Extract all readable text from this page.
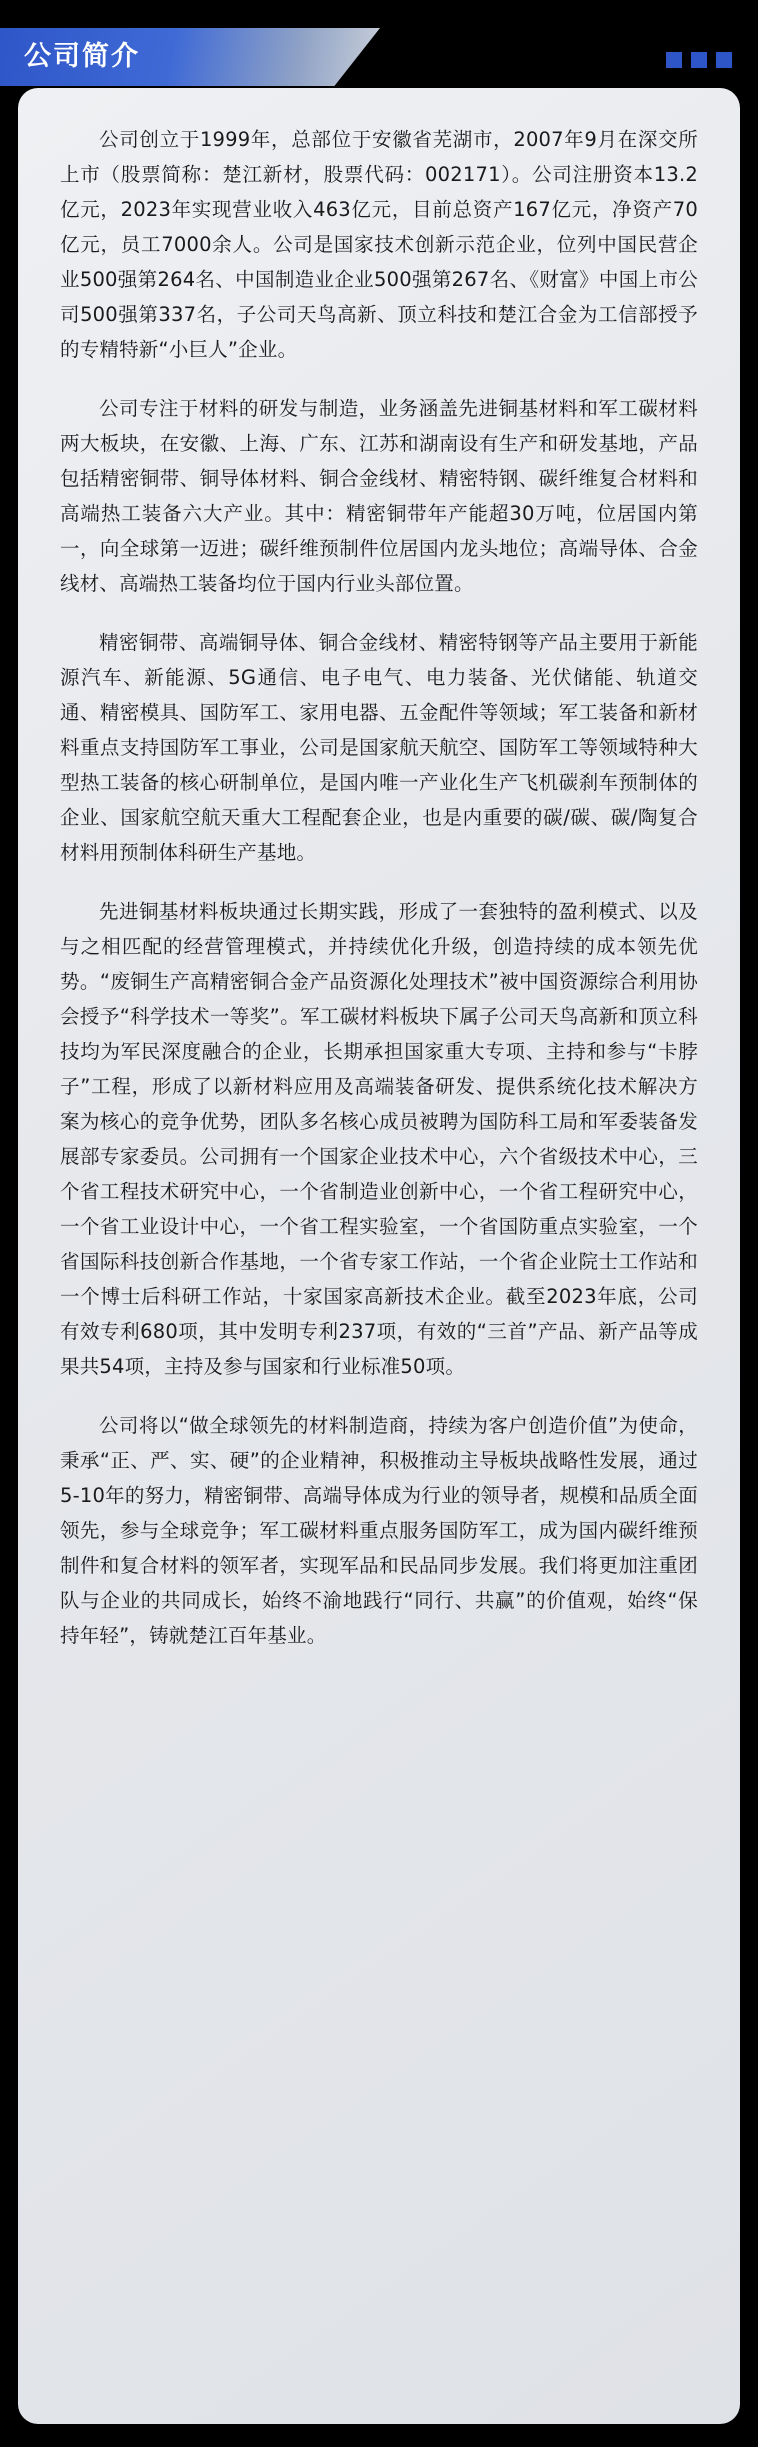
公司简介

公司创立于1999年，总部位于安徽省芜湖市，2007年9月在深交所上市（股票简称：楚江新材，股票代码：002171）。公司注册资本13.2亿元，2023年实现营业收入463亿元，目前总资产167亿元，净资产70亿元，员工7000余人。公司是国家技术创新示范企业，位列中国民营企业500强第264名、中国制造业企业500强第267名、《财富》中国上市公司500强第337名，子公司天鸟高新、顶立科技和楚江合金为工信部授予的专精特新“小巨人”企业。

公司专注于材料的研发与制造，业务涵盖先进铜基材料和军工碳材料两大板块，在安徽、上海、广东、江苏和湖南设有生产和研发基地，产品包括精密铜带、铜导体材料、铜合金线材、精密特钢、碳纤维复合材料和高端热工装备六大产业。其中：精密铜带年产能超30万吨，位居国内第一，向全球第一迈进；碳纤维预制件位居国内龙头地位；高端导体、合金线材、高端热工装备均位于国内行业头部位置。

精密铜带、高端铜导体、铜合金线材、精密特钢等产品主要用于新能源汽车、新能源、5G通信、电子电气、电力装备、光伏储能、轨道交通、精密模具、国防军工、家用电器、五金配件等领域；军工装备和新材料重点支持国防军工事业，公司是国家航天航空、国防军工等领域特种大型热工装备的核心研制单位，是国内唯一产业化生产飞机碳刹车预制体的企业、国家航空航天重大工程配套企业，也是内重要的碳/碳、碳/陶复合材料用预制体科研生产基地。

先进铜基材料板块通过长期实践，形成了一套独特的盈利模式、以及与之相匹配的经营管理模式，并持续优化升级，创造持续的成本领先优势。“废铜生产高精密铜合金产品资源化处理技术”被中国资源综合利用协会授予“科学技术一等奖”。军工碳材料板块下属子公司天鸟高新和顶立科技均为军民深度融合的企业，长期承担国家重大专项、主持和参与“卡脖子”工程，形成了以新材料应用及高端装备研发、提供系统化技术解决方案为核心的竞争优势，团队多名核心成员被聘为国防科工局和军委装备发展部专家委员。公司拥有一个国家企业技术中心，六个省级技术中心，三个省工程技术研究中心，一个省制造业创新中心，一个省工程研究中心，一个省工业设计中心，一个省工程实验室，一个省国防重点实验室，一个省国际科技创新合作基地，一个省专家工作站，一个省企业院士工作站和一个博士后科研工作站，十家国家高新技术企业。截至2023年底，公司有效专利680项，其中发明专利237项，有效的“三首”产品、新产品等成果共54项，主持及参与国家和行业标准50项。

公司将以“做全球领先的材料制造商，持续为客户创造价值”为使命，秉承“正、严、实、硬”的企业精神，积极推动主导板块战略性发展，通过5-10年的努力，精密铜带、高端导体成为行业的领导者，规模和品质全面领先，参与全球竞争；军工碳材料重点服务国防军工，成为国内碳纤维预制件和复合材料的领军者，实现军品和民品同步发展。我们将更加注重团队与企业的共同成长，始终不渝地践行“同行、共赢”的价值观，始终“保持年轻”，铸就楚江百年基业。
